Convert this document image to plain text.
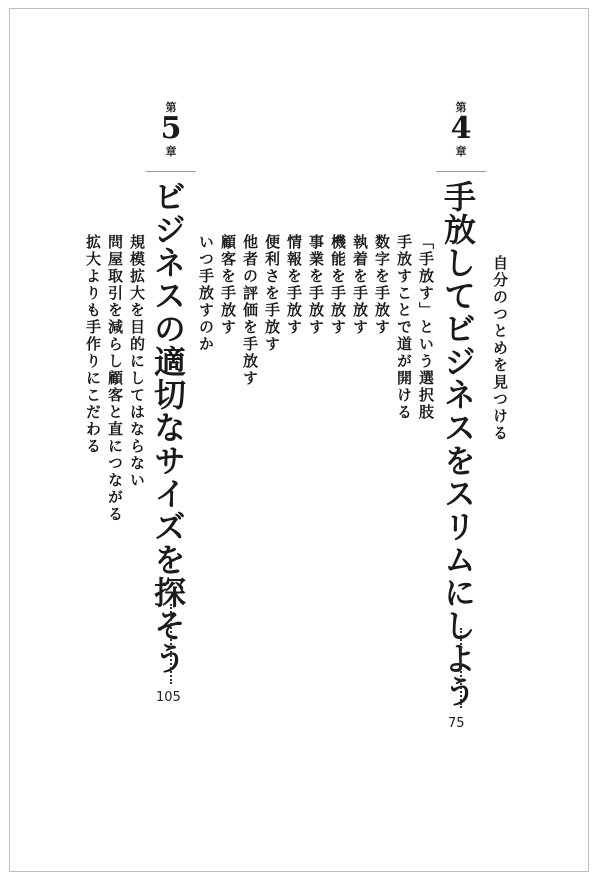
自分のつとめを見つける
第
4
章
手放してビジネスをスリムにしよう
75
「手放す」という選択肢
手放すことで道が開ける
数字を手放す
執着を手放す
機能を手放す
事業を手放す
情報を手放す
便利さを手放す
他者の評価を手放す
顧客を手放す
いつ手放すのか
第
5
章
ビジネスの適切なサイズを探そう
105
規模拡大を目的にしてはならない
問屋取引を減らし顧客と直につながる
拡大よりも手作りにこだわる
